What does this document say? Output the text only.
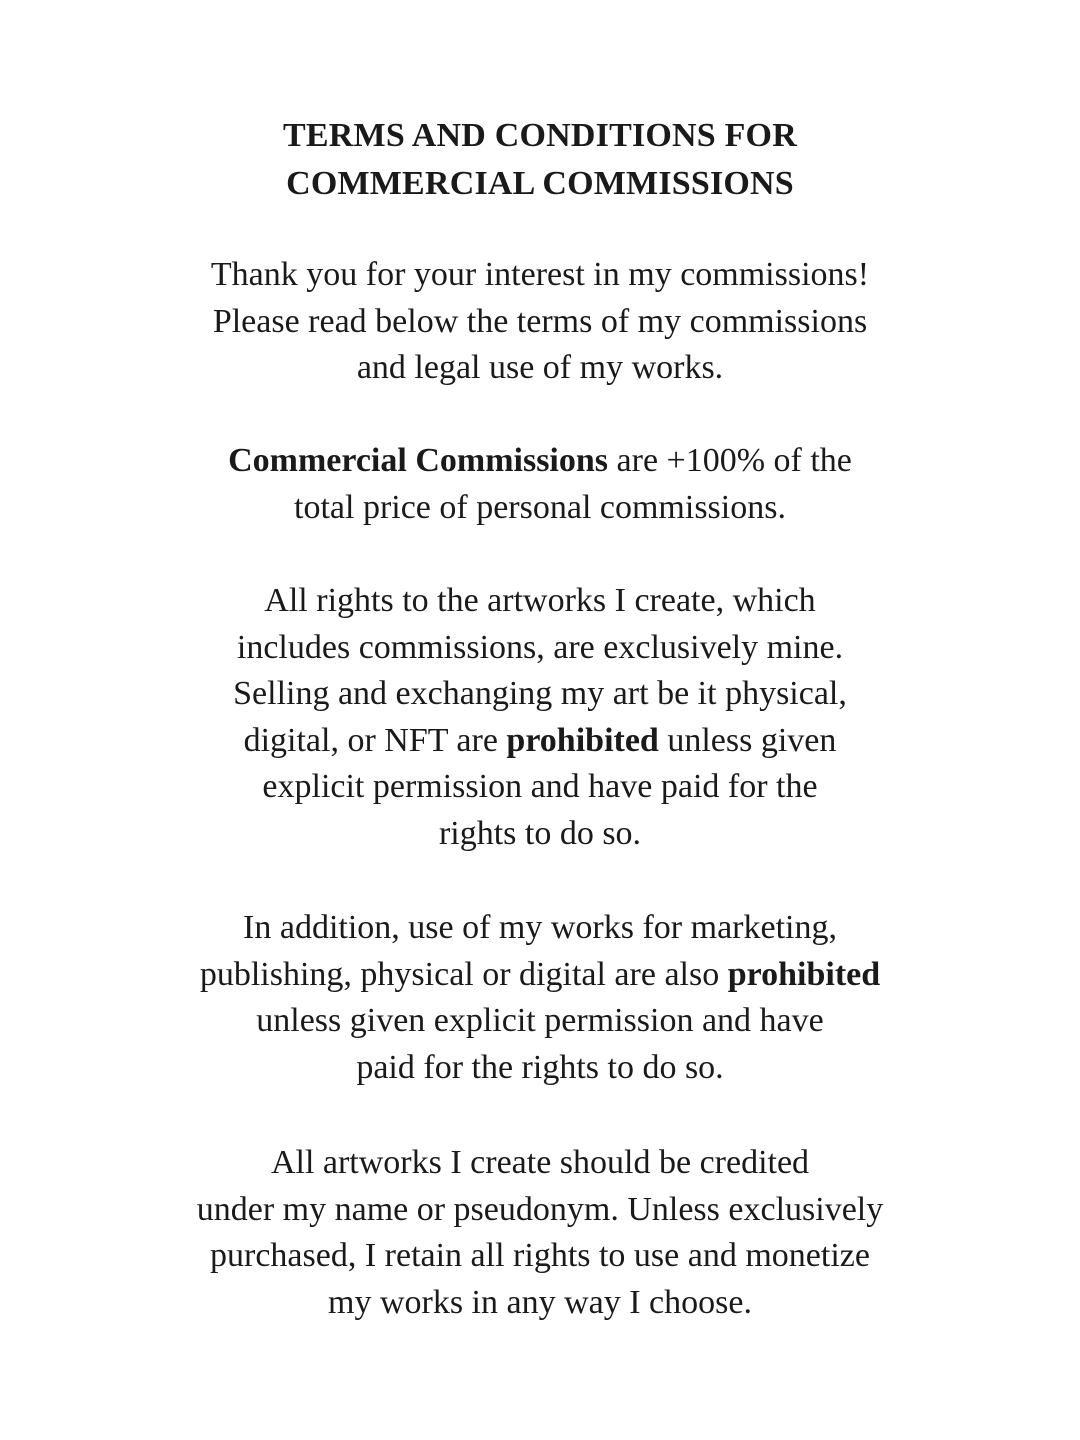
TERMS AND CONDITIONS FOR
COMMERCIAL COMMISSIONS
Thank you for your interest in my commissions!
Please read below the terms of my commissions
and legal use of my works.
Commercial Commissions are +100% of the
total price of personal commissions.
All rights to the artworks I create, which
includes commissions, are exclusively mine.
Selling and exchanging my art be it physical,
digital, or NFT are prohibited unless given
explicit permission and have paid for the
rights to do so.
In addition, use of my works for marketing,
publishing, physical or digital are also prohibited
unless given explicit permission and have
paid for the rights to do so.
All artworks I create should be credited
under my name or pseudonym. Unless exclusively
purchased, I retain all rights to use and monetize
my works in any way I choose.
